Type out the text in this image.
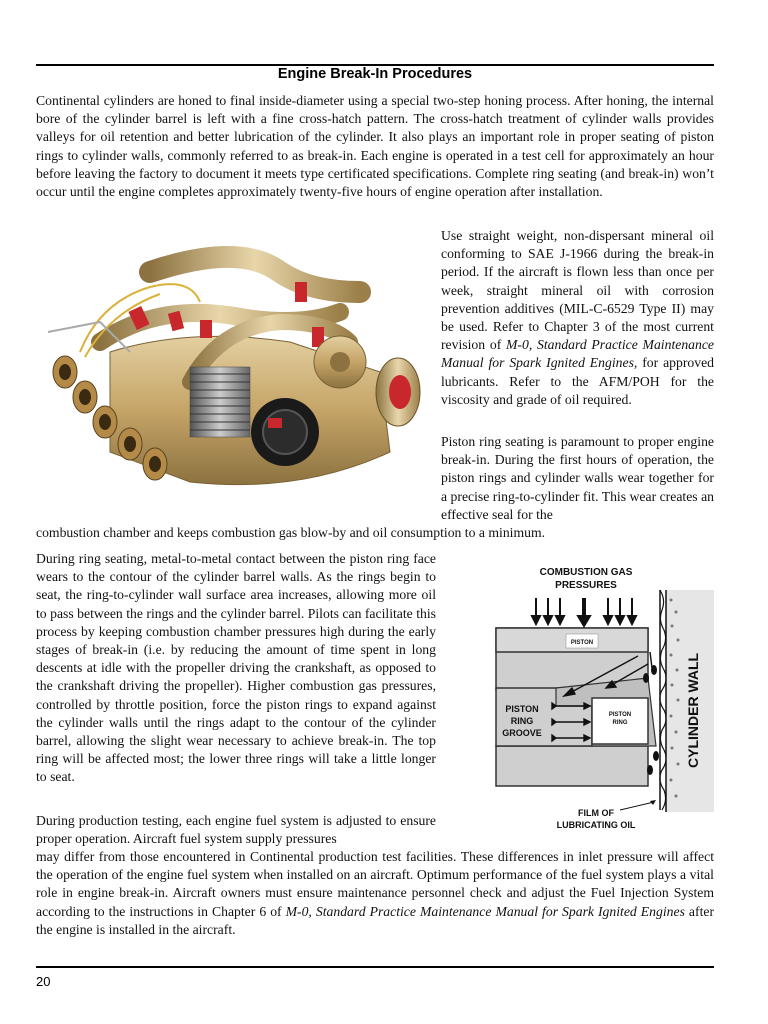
Engine Break-In Procedures

Continental cylinders are honed to final inside-diameter using a special two-step honing process. After honing, the internal bore of the cylinder barrel is left with a fine cross-hatch pattern. The cross-hatch treatment of cylinder walls provides valleys for oil retention and better lubrication of the cylinder. It also plays an important role in proper seating of piston rings to cylinder walls, commonly referred to as break-in. Each engine is operated in a test cell for approximately an hour before leaving the factory to document it meets type certificated specifications. Complete ring seating (and break-in) won’t occur until the engine completes approximately twenty-five hours of engine operation after installation.

Use straight weight, non-dispersant mineral oil conforming to SAE J-1966 during the break-in period. If the aircraft is flown less than once per week, straight mineral oil with corrosion prevention additives (MIL-C-6529 Type II) may be used. Refer to Chapter 3 of the most current revision of M-0, Standard Practice Maintenance Manual for Spark Ignited Engines, for approved lubricants. Refer to the AFM/POH for the viscosity and grade of oil required.

Piston ring seating is paramount to proper engine break-in. During the first hours of operation, the piston rings and cylinder walls wear together for a precise ring-to-cylinder fit. This wear creates an effective seal for the

combustion chamber and keeps combustion gas blow-by and oil consumption to a minimum.

During ring seating, metal-to-metal contact between the piston ring face wears to the contour of the cylinder barrel walls. As the rings begin to seat, the ring-to-cylinder wall surface area increases, allowing more oil to pass between the rings and the cylinder barrel. Pilots can facilitate this process by keeping combustion chamber pressures high during the early stages of break-in (i.e. by reducing the amount of time spent in long descents at idle with the propeller driving the crankshaft, as opposed to the crankshaft driving the propeller). Higher combustion gas pressures, controlled by throttle position, force the piston rings to expand against the cylinder walls until the rings adapt to the contour of the cylinder barrel, allowing the slight wear necessary to achieve break-in. The top ring will be affected most; the lower three rings will take a little longer to seat.

COMBUSTION GAS
PRESSURES
PISTON
PISTON
RING
PISTON
RING
GROOVE	CYLINDER WALL
FILM OF
LUBRICATING OIL

During production testing, each engine fuel system is adjusted to ensure proper operation. Aircraft fuel system supply pressures

may differ from those encountered in Continental production test facilities. These differences in inlet pressure will affect the operation of the engine fuel system when installed on an aircraft. Optimum performance of the fuel system plays a vital role in engine break-in. Aircraft owners must ensure maintenance personnel check and adjust the Fuel Injection System according to the instructions in Chapter 6 of M-0, Standard Practice Maintenance Manual for Spark Ignited Engines after the engine is installed in the aircraft.

20
